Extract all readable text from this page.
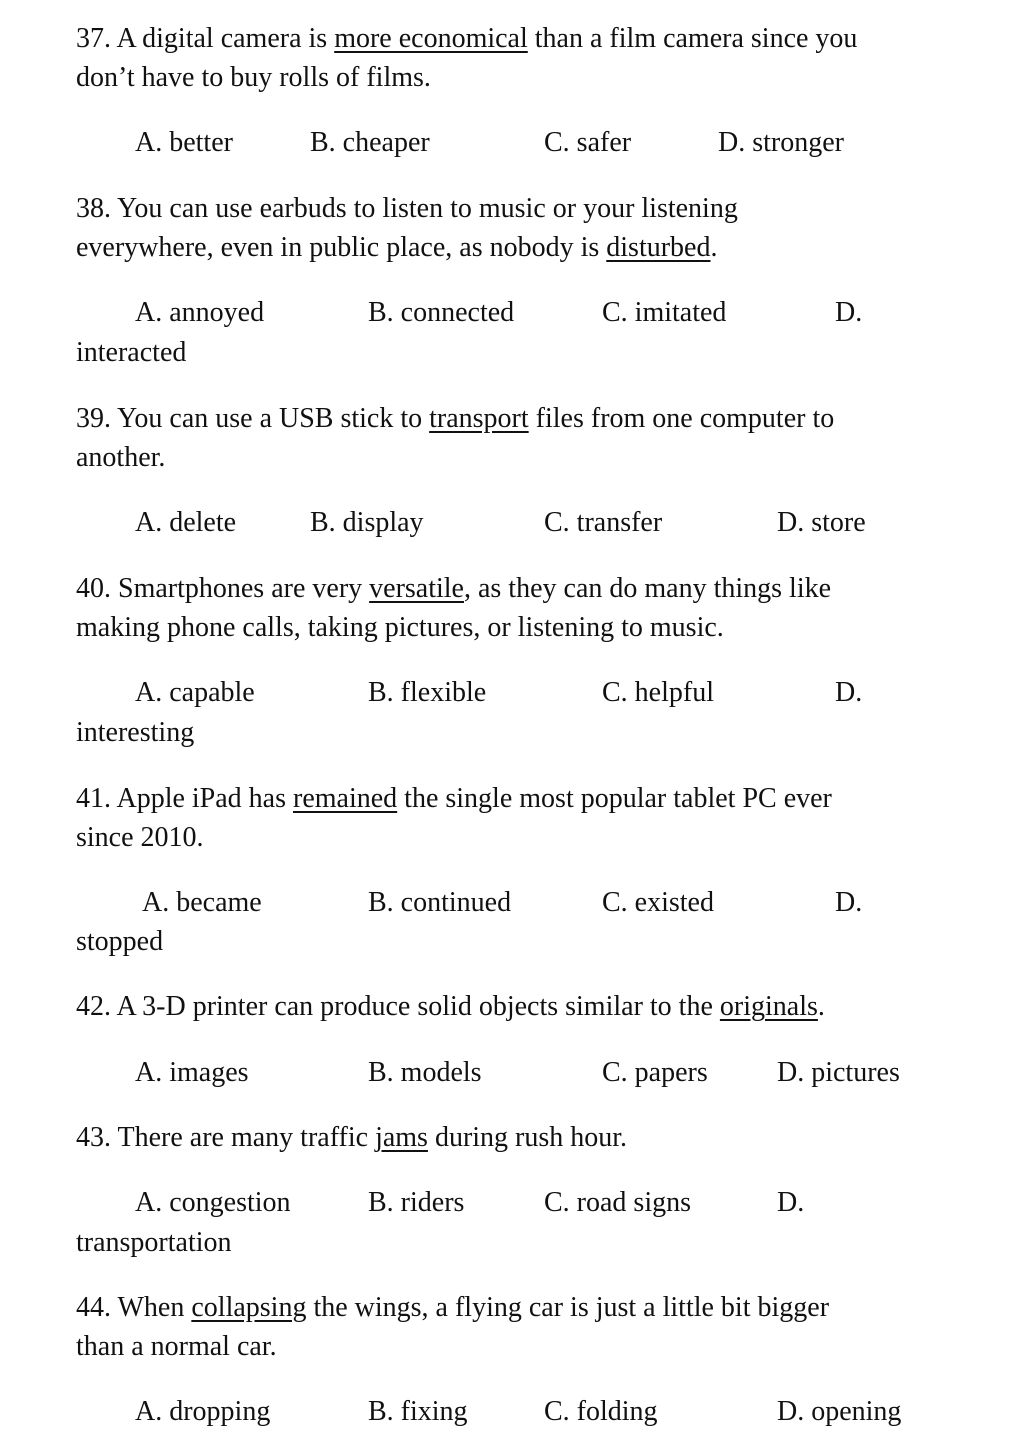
37. A digital camera is more economical than a film camera since you
don’t have to buy rolls of films.
A. better	B. cheaper	C. safer	D. stronger
38. You can use earbuds to listen to music or your listening
everywhere, even in public place, as nobody is disturbed.
A. annoyed	B. connected	C. imitated	D.
interacted
39. You can use a USB stick to transport files from one computer to
another.
A. delete	B. display	C. transfer	D. store
40. Smartphones are very versatile, as they can do many things like
making phone calls, taking pictures, or listening to music.
A. capable	B. flexible	C. helpful	D.
interesting
41. Apple iPad has remained the single most popular tablet PC ever
since 2010.
A. became	B. continued	C. existed	D.
stopped
42. A 3-D printer can produce solid objects similar to the originals.
A. images	B. models	C. papers D. pictures
43. There are many traffic jams during rush hour.
A. congestion	B. riders	C. road signs	D.
transportation
44. When collapsing the wings, a flying car is just a little bit bigger
than a normal car.
A. dropping	B. fixing	C. folding	D. opening
